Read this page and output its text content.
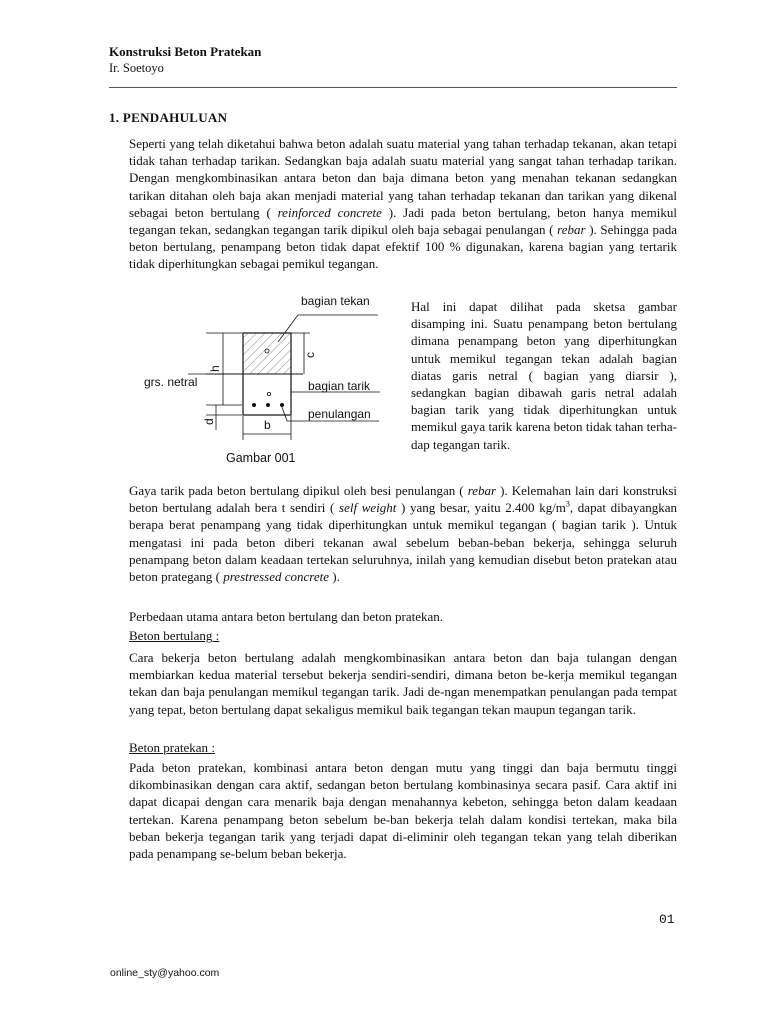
Konstruksi Beton Pratekan
Ir. Soetoyo
1. PENDAHULUAN
Seperti yang telah diketahui bahwa beton adalah suatu material yang tahan terhadap tekanan, akan tetapi tidak tahan terhadap tarikan. Sedangkan baja adalah suatu material yang sangat tahan terhadap tarikan. Dengan mengkombinasikan antara beton dan baja dimana beton yang menahan tekanan sedangkan tarikan ditahan oleh baja akan menjadi material yang tahan terhadap tekanan dan tarikan yang dikenal sebagai beton bertulang ( reinforced concrete ). Jadi pada beton bertulang, beton hanya memikul tegangan tekan, sedangkan tegangan tarik dipikul oleh baja sebagai penulangan ( rebar ). Sehingga pada beton bertulang, penampang beton tidak dapat efektif 100 % digunakan, karena bagian yang tertarik tidak diperhitungkan sebagai pemikul tegangan.
bagian tekan
grs. netral	bagian tarik
penulangan
h
c
d	b
Gambar 001
Hal ini dapat dilihat pada sketsa gambar disamping ini. Suatu penampang beton bertulang dimana penampang beton yang diperhitungkan untuk memikul tegangan tekan adalah bagian diatas garis netral ( bagian yang diarsir ), sedangkan bagian dibawah garis netral adalah bagian tarik yang tidak diperhitungkan untuk memikul gaya tarik karena beton tidak tahan terha-dap tegangan tarik.
Gaya tarik pada beton bertulang dipikul oleh besi penulangan ( rebar ). Kelemahan lain dari konstruksi beton bertulang adalah bera t sendiri ( self weight ) yang besar, yaitu 2.400 $kg/m^3$, dapat dibayangkan berapa berat penampang yang tidak diperhitungkan untuk memikul tegangan ( bagian tarik ). Untuk mengatasi ini pada beton diberi tekanan awal sebelum beban-beban bekerja, sehingga seluruh penampang beton dalam keadaan tertekan seluruhnya, inilah yang kemudian disebut beton pratekan atau beton prategang ( prestressed concrete ).
Perbedaan utama antara beton bertulang dan beton pratekan.
Beton bertulang :
Cara bekerja beton bertulang adalah mengkombinasikan antara beton dan baja tulangan dengan membiarkan kedua material tersebut bekerja sendiri-sendiri, dimana beton be-kerja memikul tegangan tekan dan baja penulangan memikul tegangan tarik. Jadi de-ngan menempatkan penulangan pada tempat yang tepat, beton bertulang dapat sekaligus memikul baik tegangan tekan maupun tegangan tarik.
Beton pratekan :
Pada beton pratekan, kombinasi antara beton dengan mutu yang tinggi dan baja bermutu tinggi dikombinasikan dengan cara aktif, sedangan beton bertulang kombinasinya secara pasif. Cara aktif ini dapat dicapai dengan cara menarik baja dengan menahannya kebeton, sehingga beton dalam keadaan tertekan. Karena penampang beton sebelum be-ban bekerja telah dalam kondisi tertekan, maka bila beban bekerja tegangan tarik yang terjadi dapat di-eliminir oleh tegangan tekan yang telah diberikan pada penampang se-belum beban bekerja.
01
online_sty@yahoo.com
